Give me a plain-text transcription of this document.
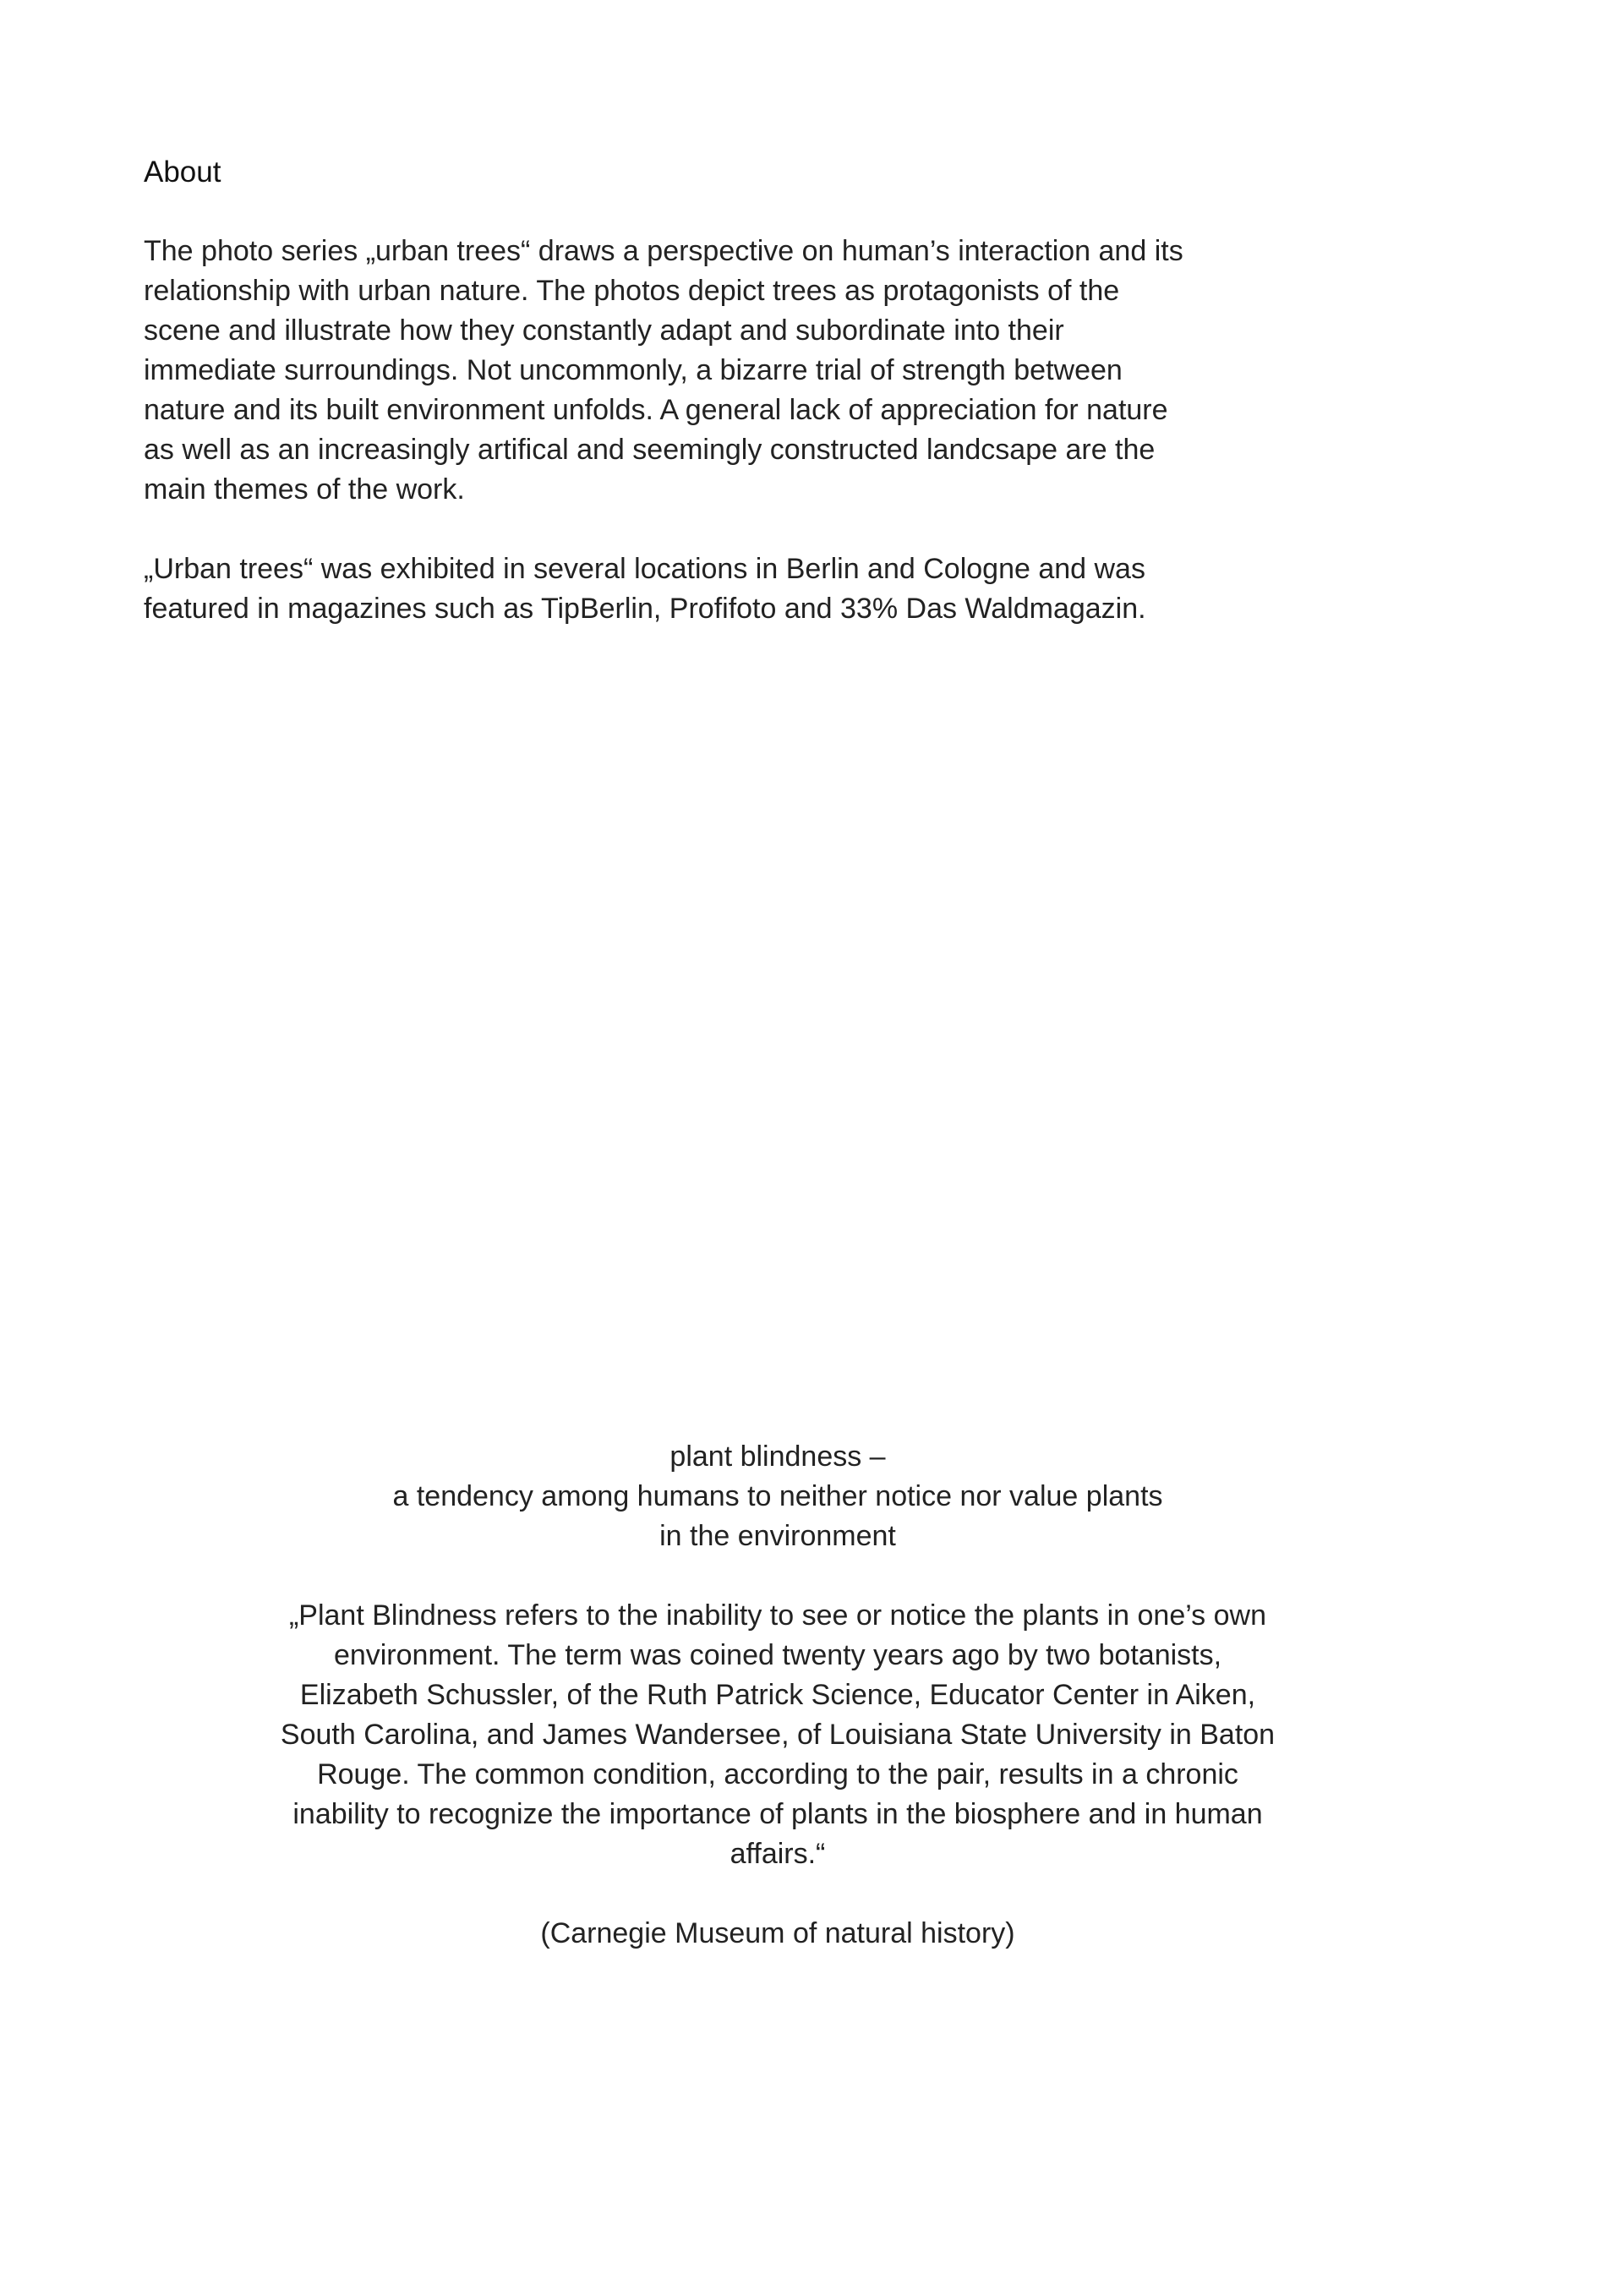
About

The photo series „urban trees“ draws a perspective on human’s interaction and its relationship with urban nature. The photos depict trees as protagonists of the scene and illustrate how they constantly adapt and subordinate into their immediate surroundings. Not uncommonly, a bizarre trial of strength between nature and its built environment unfolds. A general lack of appreciation for nature as well as an increasingly artifical and seemingly constructed landcsape are the main themes of the work.

„Urban trees“ was exhibited in several locations in Berlin and Cologne and was featured in magazines such as TipBerlin, Profifoto and 33% Das Waldmagazin.

plant blindness –
a tendency among humans to neither notice nor value plants
in the environment

„Plant Blindness refers to the inability to see or notice the plants in one’s own environment. The term was coined twenty years ago by two botanists, Elizabeth Schussler, of the Ruth Patrick Science, Educator Center in Aiken, South Carolina, and James Wandersee, of Louisiana State University in Baton Rouge. The common condition, according to the pair, results in a chronic inability to recognize the importance of plants in the biosphere and in human affairs.“

(Carnegie Museum of natural history)
